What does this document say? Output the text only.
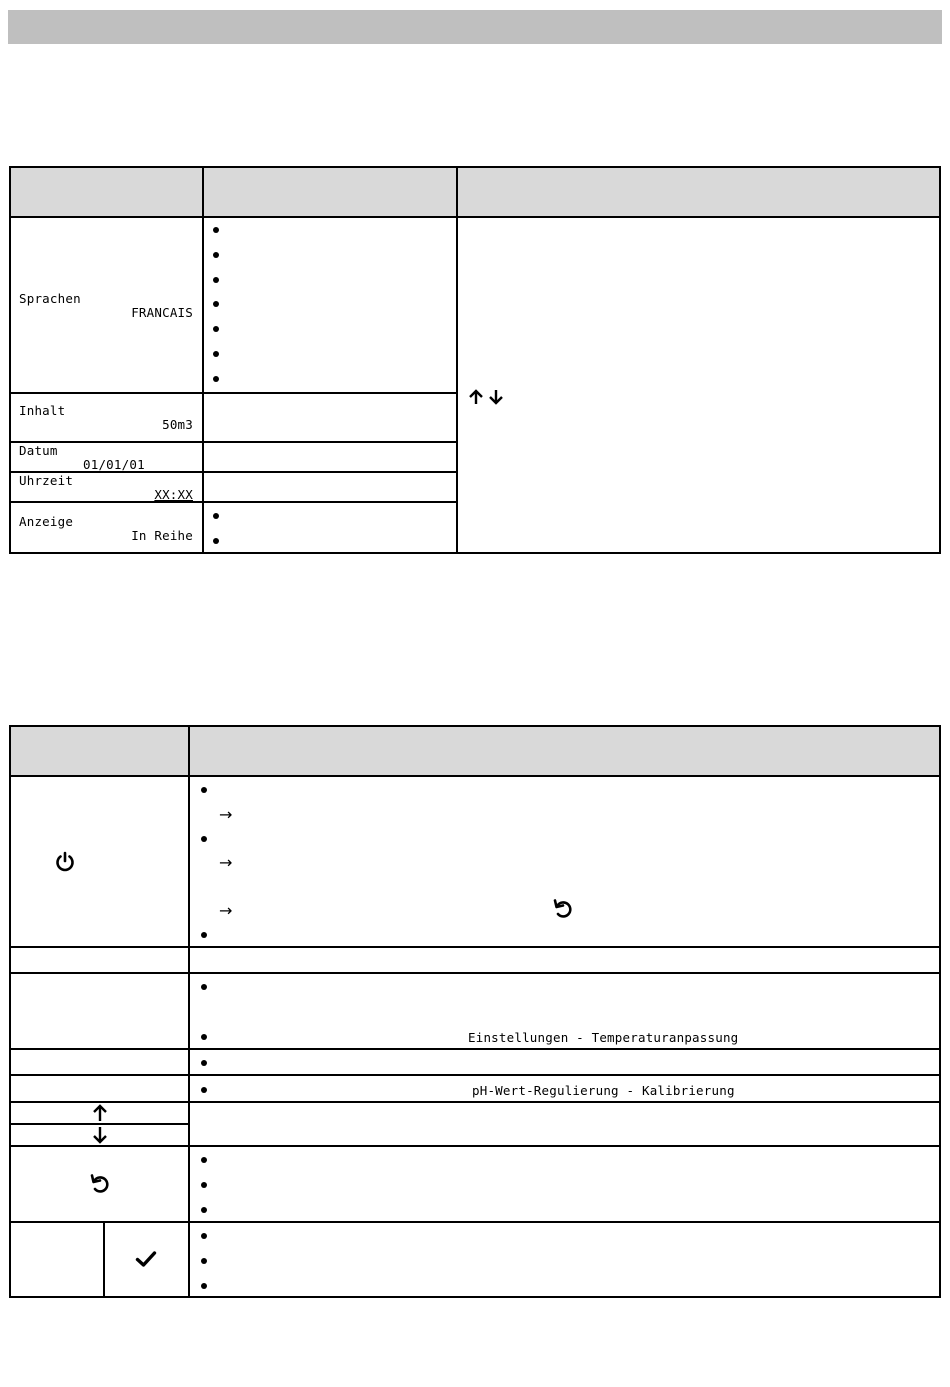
Sprachen
FRANCAIS
Inhalt
50m3
Datum
01/01/01
Uhrzeit
XX:XX
Anzeige
In Reihe
→
→
→
Einstellungen - Temperaturanpassung
pH-Wert-Regulierung - Kalibrierung
